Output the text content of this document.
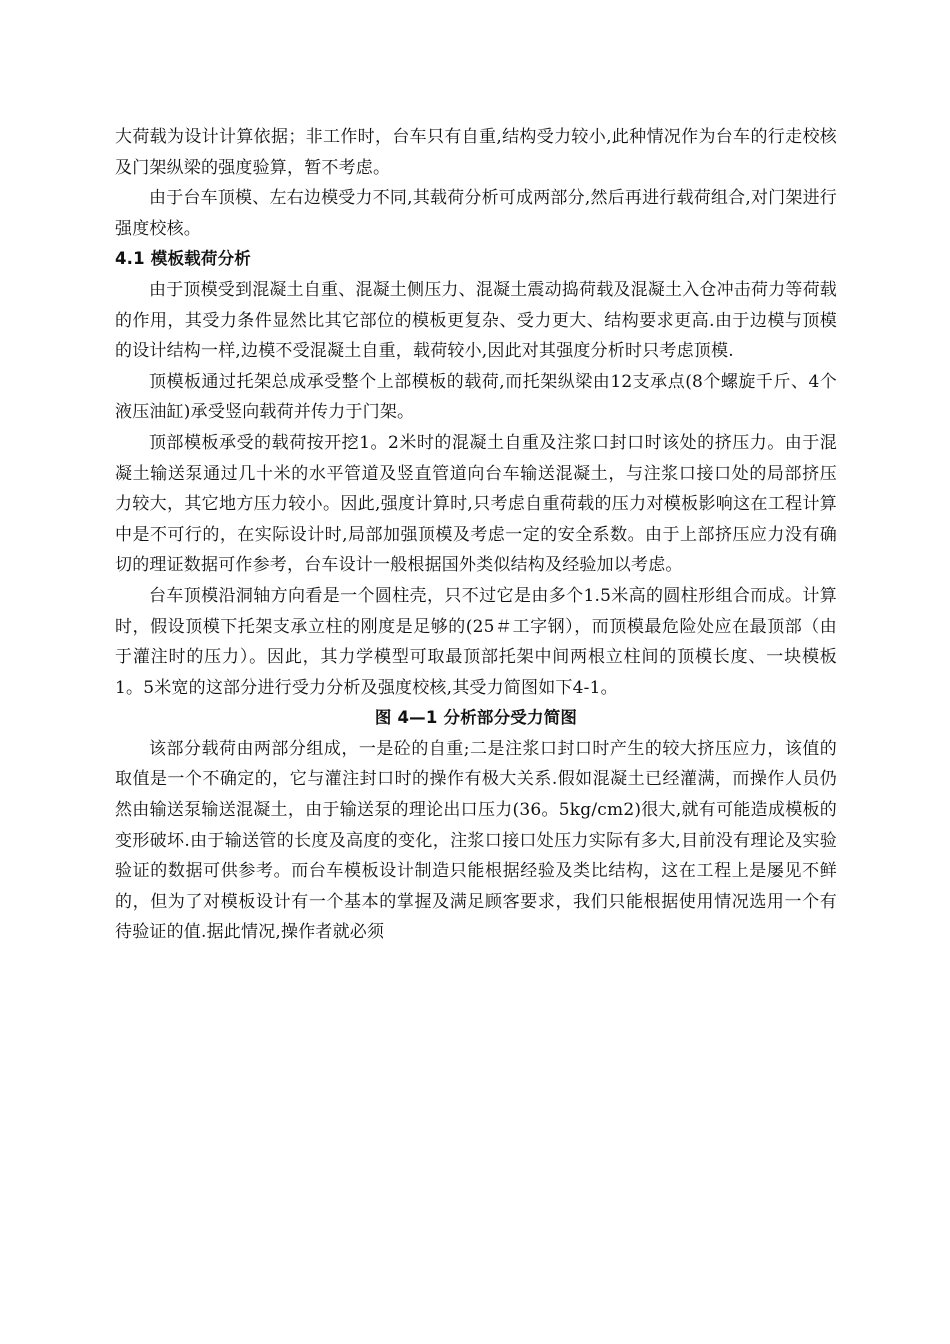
大荷载为设计计算依据；非工作时，台车只有自重,结构受力较小,此种情况作为台车的行走校核及门架纵梁的强度验算，暂不考虑。

由于台车顶模、左右边模受力不同,其载荷分析可成两部分,然后再进行载荷组合,对门架进行强度校核。

4.1 模板载荷分析

由于顶模受到混凝土自重、混凝土侧压力、混凝土震动捣荷载及混凝土入仓冲击荷力等荷载的作用，其受力条件显然比其它部位的模板更复杂、受力更大、结构要求更高.由于边模与顶模的设计结构一样,边模不受混凝土自重，载荷较小,因此对其强度分析时只考虑顶模.

顶模板通过托架总成承受整个上部模板的载荷,而托架纵梁由12支承点(8个螺旋千斤、4个液压油缸)承受竖向载荷并传力于门架。

顶部模板承受的载荷按开挖1。2米时的混凝土自重及注浆口封口时该处的挤压力。由于混凝土输送泵通过几十米的水平管道及竖直管道向台车输送混凝土，与注浆口接口处的局部挤压力较大，其它地方压力较小。因此,强度计算时,只考虑自重荷载的压力对模板影响这在工程计算中是不可行的，在实际设计时,局部加强顶模及考虑一定的安全系数。由于上部挤压应力没有确切的理证数据可作参考，台车设计一般根据国外类似结构及经验加以考虑。

台车顶模沿洞轴方向看是一个圆柱壳，只不过它是由多个1.5米高的圆柱形组合而成。计算时，假设顶模下托架支承立柱的刚度是足够的(25＃工字钢），而顶模最危险处应在最顶部（由于灌注时的压力）。因此，其力学模型可取最顶部托架中间两根立柱间的顶模长度、一块模板1。5米宽的这部分进行受力分析及强度校核,其受力简图如下4-1。

图 4—1 分析部分受力简图

该部分载荷由两部分组成，一是砼的自重;二是注浆口封口时产生的较大挤压应力，该值的取值是一个不确定的，它与灌注封口时的操作有极大关系.假如混凝土已经灌满，而操作人员仍然由输送泵输送混凝土，由于输送泵的理论出口压力(36。5kg/cm2)很大,就有可能造成模板的变形破坏.由于输送管的长度及高度的变化，注浆口接口处压力实际有多大,目前没有理论及实验验证的数据可供参考。而台车模板设计制造只能根据经验及类比结构，这在工程上是屡见不鲜的，但为了对模板设计有一个基本的掌握及满足顾客要求，我们只能根据使用情况选用一个有待验证的值.据此情况,操作者就必须
